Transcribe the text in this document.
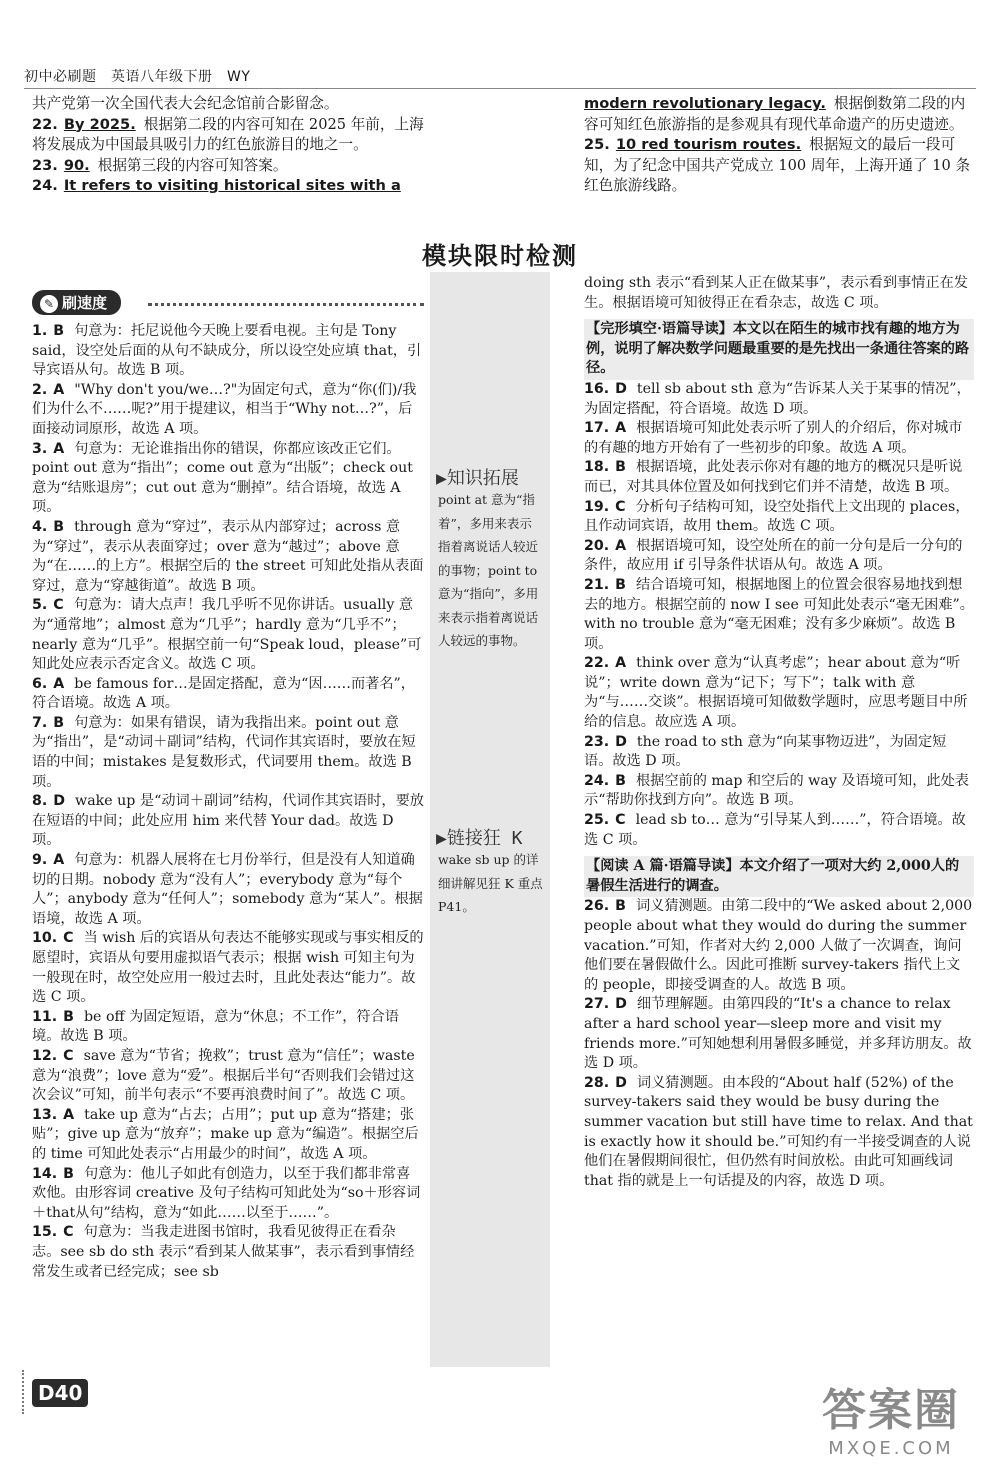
初中必刷题　英语八年级下册　WY

共产党第一次全国代表大会纪念馆前合影留念。

22. By 2025. 根据第二段的内容可知在 2025 年前，上海将发展成为中国最具吸引力的红色旅游目的地之一。

23. 90. 根据第三段的内容可知答案。

24. It refers to visiting historical sites with a

modern revolutionary legacy. 根据倒数第二段的内容可知红色旅游指的是参观具有现代革命遗产的历史遗迹。

25. 10 red tourism routes. 根据短文的最后一段可知，为了纪念中国共产党成立 100 周年，上海开通了 10 条红色旅游线路。

模块限时检测
✎ 刷速度
▶知识拓展
point at 意为“指着”，多用来表示指着离说话人较近的事物；point to 意为“指向”，多用来表示指着离说话人较远的事物。
▶链接狂 K
wake sb up 的详细讲解见狂 K 重点P41。

1. B 句意为：托尼说他今天晚上要看电视。主句是 Tony said，设空处后面的从句不缺成分，所以设空处应填 that，引导宾语从句。故选 B 项。

2. A "Why don't you/we…?"为固定句式，意为“你(们)/我们为什么不……呢?”用于提建议，相当于“Why not…?”，后面接动词原形，故选 A 项。

3. A 句意为：无论谁指出你的错误，你都应该改正它们。point out 意为“指出”；come out 意为“出版”；check out 意为“结账退房”；cut out 意为“删掉”。结合语境，故选 A 项。

4. B through 意为“穿过”，表示从内部穿过；across 意为“穿过”，表示从表面穿过；over 意为“越过”；above 意为“在……的上方”。根据空后的 the street 可知此处指从表面穿过，意为“穿越街道”。故选 B 项。

5. C 句意为：请大点声！我几乎听不见你讲话。usually 意为“通常地”；almost 意为“几乎”；hardly 意为“几乎不”；nearly 意为“几乎”。根据空前一句“Speak loud，please”可知此处应表示否定含义。故选 C 项。

6. A be famous for…是固定搭配，意为“因……而著名”，符合语境。故选 A 项。

7. B 句意为：如果有错误，请为我指出来。point out 意为“指出”，是“动词＋副词”结构，代词作其宾语时，要放在短语的中间；mistakes 是复数形式，代词要用 them。故选 B 项。

8. D wake up 是“动词＋副词”结构，代词作其宾语时，要放在短语的中间；此处应用 him 来代替 Your dad。故选 D 项。

9. A 句意为：机器人展将在七月份举行，但是没有人知道确切的日期。nobody 意为“没有人”；everybody 意为“每个人”；anybody 意为“任何人”；somebody 意为“某人”。根据语境，故选 A 项。

10. C 当 wish 后的宾语从句表达不能够实现或与事实相反的愿望时，宾语从句要用虚拟语气表示；根据 wish 可知主句为一般现在时，故空处应用一般过去时，且此处表达“能力”。故选 C 项。

11. B be off 为固定短语，意为“休息；不工作”，符合语境。故选 B 项。

12. C save 意为“节省；挽救”；trust 意为“信任”；waste 意为“浪费”；love 意为“爱”。根据后半句“否则我们会错过这次会议”可知，前半句表示“不要再浪费时间了”。故选 C 项。

13. A take up 意为“占去；占用”；put up 意为“搭建；张贴”；give up 意为“放弃”；make up 意为“编造”。根据空后的 time 可知此处表示“占用最少的时间”，故选 A 项。

14. B 句意为：他儿子如此有创造力，以至于我们都非常喜欢他。由形容词 creative 及句子结构可知此处为“so＋形容词＋that从句”结构，意为“如此……以至于……”。

15. C 句意为：当我走进图书馆时，我看见彼得正在看杂志。see sb do sth 表示“看到某人做某事”，表示看到事情经常发生或者已经完成；see sb

doing sth 表示“看到某人正在做某事”，表示看到事情正在发生。根据语境可知彼得正在看杂志，故选 C 项。

【完形填空·语篇导读】本文以在陌生的城市找有趣的地方为例，说明了解决数学问题最重要的是先找出一条通往答案的路径。

16. D tell sb about sth 意为“告诉某人关于某事的情况”，为固定搭配，符合语境。故选 D 项。

17. A 根据语境可知此处表示听了别人的介绍后，你对城市的有趣的地方开始有了一些初步的印象。故选 A 项。

18. B 根据语境，此处表示你对有趣的地方的概况只是听说而已，对其具体位置及如何找到它们并不清楚，故选 B 项。

19. C 分析句子结构可知，设空处指代上文出现的 places，且作动词宾语，故用 them。故选 C 项。

20. A 根据语境可知，设空处所在的前一分句是后一分句的条件，故应用 if 引导条件状语从句。故选 A 项。

21. B 结合语境可知，根据地图上的位置会很容易地找到想去的地方。根据空前的 now I see 可知此处表示“毫无困难”。with no trouble 意为“毫无困难；没有多少麻烦”。故选 B 项。

22. A think over 意为“认真考虑”；hear about 意为“听说”；write down 意为“记下；写下”；talk with 意为“与……交谈”。根据语境可知做数学题时，应思考题目中所给的信息。故应选 A 项。

23. D the road to sth 意为“向某事物迈进”，为固定短语。故选 D 项。

24. B 根据空前的 map 和空后的 way 及语境可知，此处表示“帮助你找到方向”。故选 B 项。

25. C lead sb to… 意为“引导某人到……”，符合语境。故选 C 项。

【阅读 A 篇·语篇导读】本文介绍了一项对大约 2,000人的暑假生活进行的调查。

26. B 词义猜测题。由第二段中的“We asked about 2,000 people about what they would do during the summer vacation.”可知，作者对大约 2,000 人做了一次调查，询问他们要在暑假做什么。因此可推断 survey-takers 指代上文的 people，即接受调查的人。故选 B 项。

27. D 细节理解题。由第四段的“It's a chance to relax after a hard school year—sleep more and visit my friends more.”可知她想利用暑假多睡觉，并多拜访朋友。故选 D 项。

28. D 词义猜测题。由本段的“About half (52%) of the survey-takers said they would be busy during the summer vacation but still have time to relax. And that is exactly how it should be.”可知约有一半接受调查的人说他们在暑假期间很忙，但仍然有时间放松。由此可知画线词 that 指的就是上一句话提及的内容，故选 D 项。

D40	答案圈
MXQE.COM
